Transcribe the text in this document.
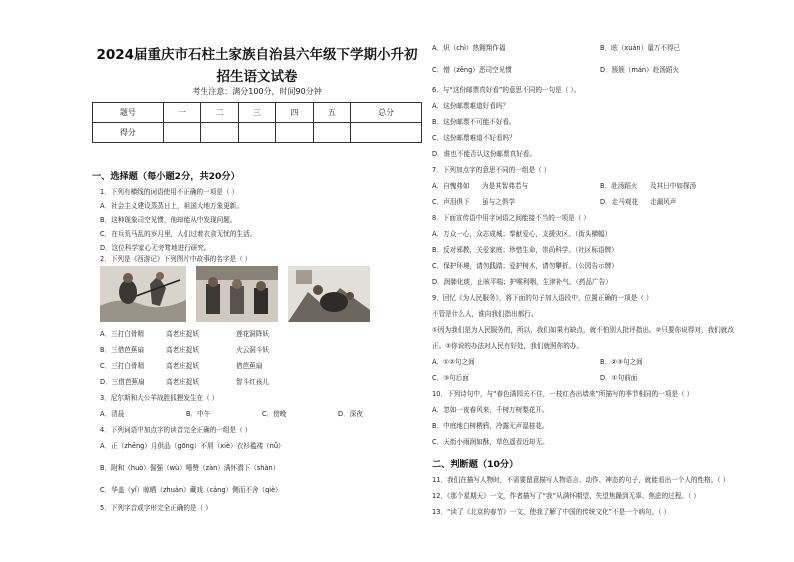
2024届重庆市石柱土家族自治县六年级下学期小升初招生语文试卷
考生注意：满分100分，时间90分钟
题号	一	二	三	四	五	总分
得分						
一、选择题（每小题2分，共20分）
1．下列有横线的词语使用不正确的一项是（ ）
A．社会主义建设蒸蒸日上，祖国大地万象更新。
B．这种现象司空见惯，他却能从中发现问题。
C．在兵荒马乱的岁月里，人们过着衣食无忧的生活。
D．这位科学家心无旁骛地进行研究。
A．三打白骨精	高老庄捉妖	莲花洞降妖
B．三借芭蕉扇	高老庄捉妖	火云洞斗妖
C．三打白骨精	高老庄捉妖	借芭蕉扇
D．三借芭蕉扇	高老庄捉妖	智斗红孩儿
3．尼尔斯和大公羊战胜狐狸发生在（ ）
A．清晨	B．中午	C．傍晚	D．深夜
4．下列词语中加点字的读音完全正确的一组是（ ）
A．正（zhēng）月供品（gōng）不屑（xiè）衣衫褴褛（nǚ）
B．附和（huò）倔强（wù）唾赞（zàn）满怀潜下（shàn）
C．华盖（yǐ）晾晒（zhuàn）藏戏（cáng）侧而不舍（qiè）
5．下列字音或字形完全正确的是（ ）
A．炽（chì）热翱翔作福	B．眩（xuán）量万不得已
C．憎（zēng）恶司空见惯	D．簇簇（mán）赴汤蹈火
6．与“这份邮票真好看”的意思不同的一句是（ ）。
A．这份邮票难道好看吗？
B．这份邮票不可能不好看。
C．这份邮票难道不好看吗？
D．谁也不能否认这份邮票真好看。
7．下列加点字的意思不同的一组是（ ）
A．自愧弗如 为是其智弗若与	B．赴汤蹈火 及其日中如探汤
C．声泪俱下 虽与之俱学	D．走马观花 走漏风声
8．下面宣传语中用字词语之间能接不当的一项是（ ）
A．万众一心，众志成城；奉献爱心，支援灾区。（街头横幅）
B．反对邪教，关爱家庭；珍惜生命，崇尚科学。（社区标语牌）
C．保护环境，请勿践踏；爱护树木，请勿攀折。（公园告示牌）
D．润肺化痰，止咳平喘；护喉利咽，生津补气。（药品广告）
9．回忆《为人民服务》，将下面的句子加入语段中，位置正确的一项是（ ）
不管是什么人，谁向我们指出都行。
①因为我们是为人民服务的，所以，我们如果有缺点，就不怕别人批评指出。②只要你说得对，我们就改
正。③你说的办法对人民有好处，我们就照你的办。
A．①②句之间	B．②③句之间
C．③句后面	D．①句前面
10．下列诗句中，与“春色满园关不住，一枝红杏出墙来”所描写的季节相同的一项是（ ）
A．忽如一夜春风来，千树万树梨花开。
B．中庭地白树栖鸦，冷露无声湿桂花。
C．天街小雨润如酥，草色遥看近却无。
二、判断题（10分）
11．我们在描写人物时，不需要留意描写人物语言、动作、神态的句子，就能看出一个人的性格。（ ）
12．《那个星期天》一文，作者描写了“我”从满怀期望、失望焦躁到无辜、焦虑的过程。（ ）
13．“读了《北京的春节》一文，使我了解了中国的传统文化”不是一个病句。（ ）
2．下列是《西游记》下列图片中故事的名字是（ ）
